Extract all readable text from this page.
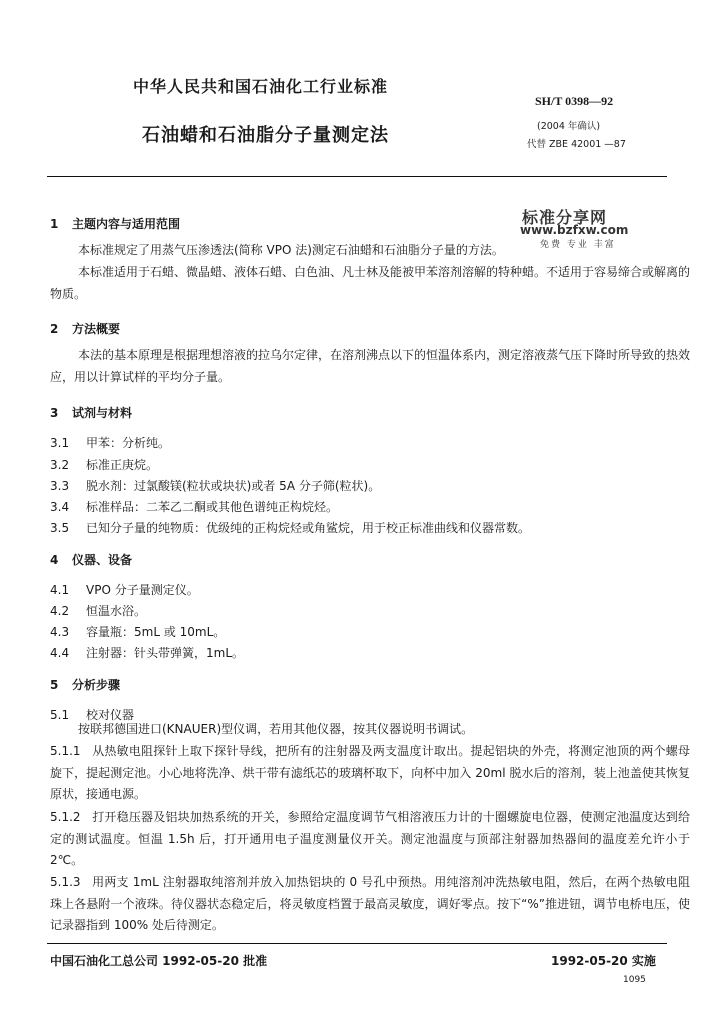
中华人民共和国石油化工行业标准
SH/T 0398—92
石油蜡和石油脂分子量测定法	(2004 年确认)
代替 ZBE 42001 —87
标准分享网
www.bzfxw.com
免费 专业 丰富
1 主题内容与适用范围
本标准规定了用蒸气压渗透法(简称 VPO 法)测定石油蜡和石油脂分子量的方法。
本标准适用于石蜡、微晶蜡、液体石蜡、白色油、凡士林及能被甲苯溶剂溶解的特种蜡。不适用于容易缔合或解离的物质。
2 方法概要
本法的基本原理是根据理想溶液的拉乌尔定律，在溶剂沸点以下的恒温体系内，测定溶液蒸气压下降时所导致的热效应，用以计算试样的平均分子量。
3 试剂与材料
3.1 甲苯：分析纯。
3.2 标准正庚烷。
3.3 脱水剂：过氯酸镁(粒状或块状)或者 5A 分子筛(粒状)。
3.4 标准样品：二苯乙二酮或其他色谱纯正构烷烃。
3.5 已知分子量的纯物质：优级纯的正构烷烃或角鲨烷，用于校正标准曲线和仪器常数。
4 仪器、设备
4.1 VPO 分子量测定仪。
4.2 恒温水浴。
4.3 容量瓶：5mL 或 10mL。
4.4 注射器：针头带弹簧，1mL。
5 分析步骤
5.1 校对仪器
按联邦德国进口(KNAUER)型仪调，若用其他仪器，按其仪器说明书调试。
5.1.1 从热敏电阻探针上取下探针导线，把所有的注射器及两支温度计取出。提起铝块的外壳，将测定池顶的两个螺母旋下，提起测定池。小心地将洗净、烘干带有滤纸芯的玻璃杯取下，向杯中加入 20ml 脱水后的溶剂，装上池盖使其恢复原状，接通电源。
5.1.2 打开稳压器及铝块加热系统的开关，参照给定温度调节气相溶液压力计的十圈螺旋电位器，使测定池温度达到给定的测试温度。恒温 1.5h 后，打开通用电子温度测量仪开关。测定池温度与顶部注射器加热器间的温度差允许小于 2℃。
5.1.3 用两支 1mL 注射器取纯溶剂并放入加热铝块的 0 号孔中预热。用纯溶剂冲洗热敏电阻，然后，在两个热敏电阻珠上各悬附一个液珠。待仪器状态稳定后，将灵敏度档置于最高灵敏度，调好零点。按下“%”推进钮，调节电桥电压，使记录器指到 100% 处后待测定。
中国石油化工总公司 1992-05-20 批准	1992-05-20 实施
1095
